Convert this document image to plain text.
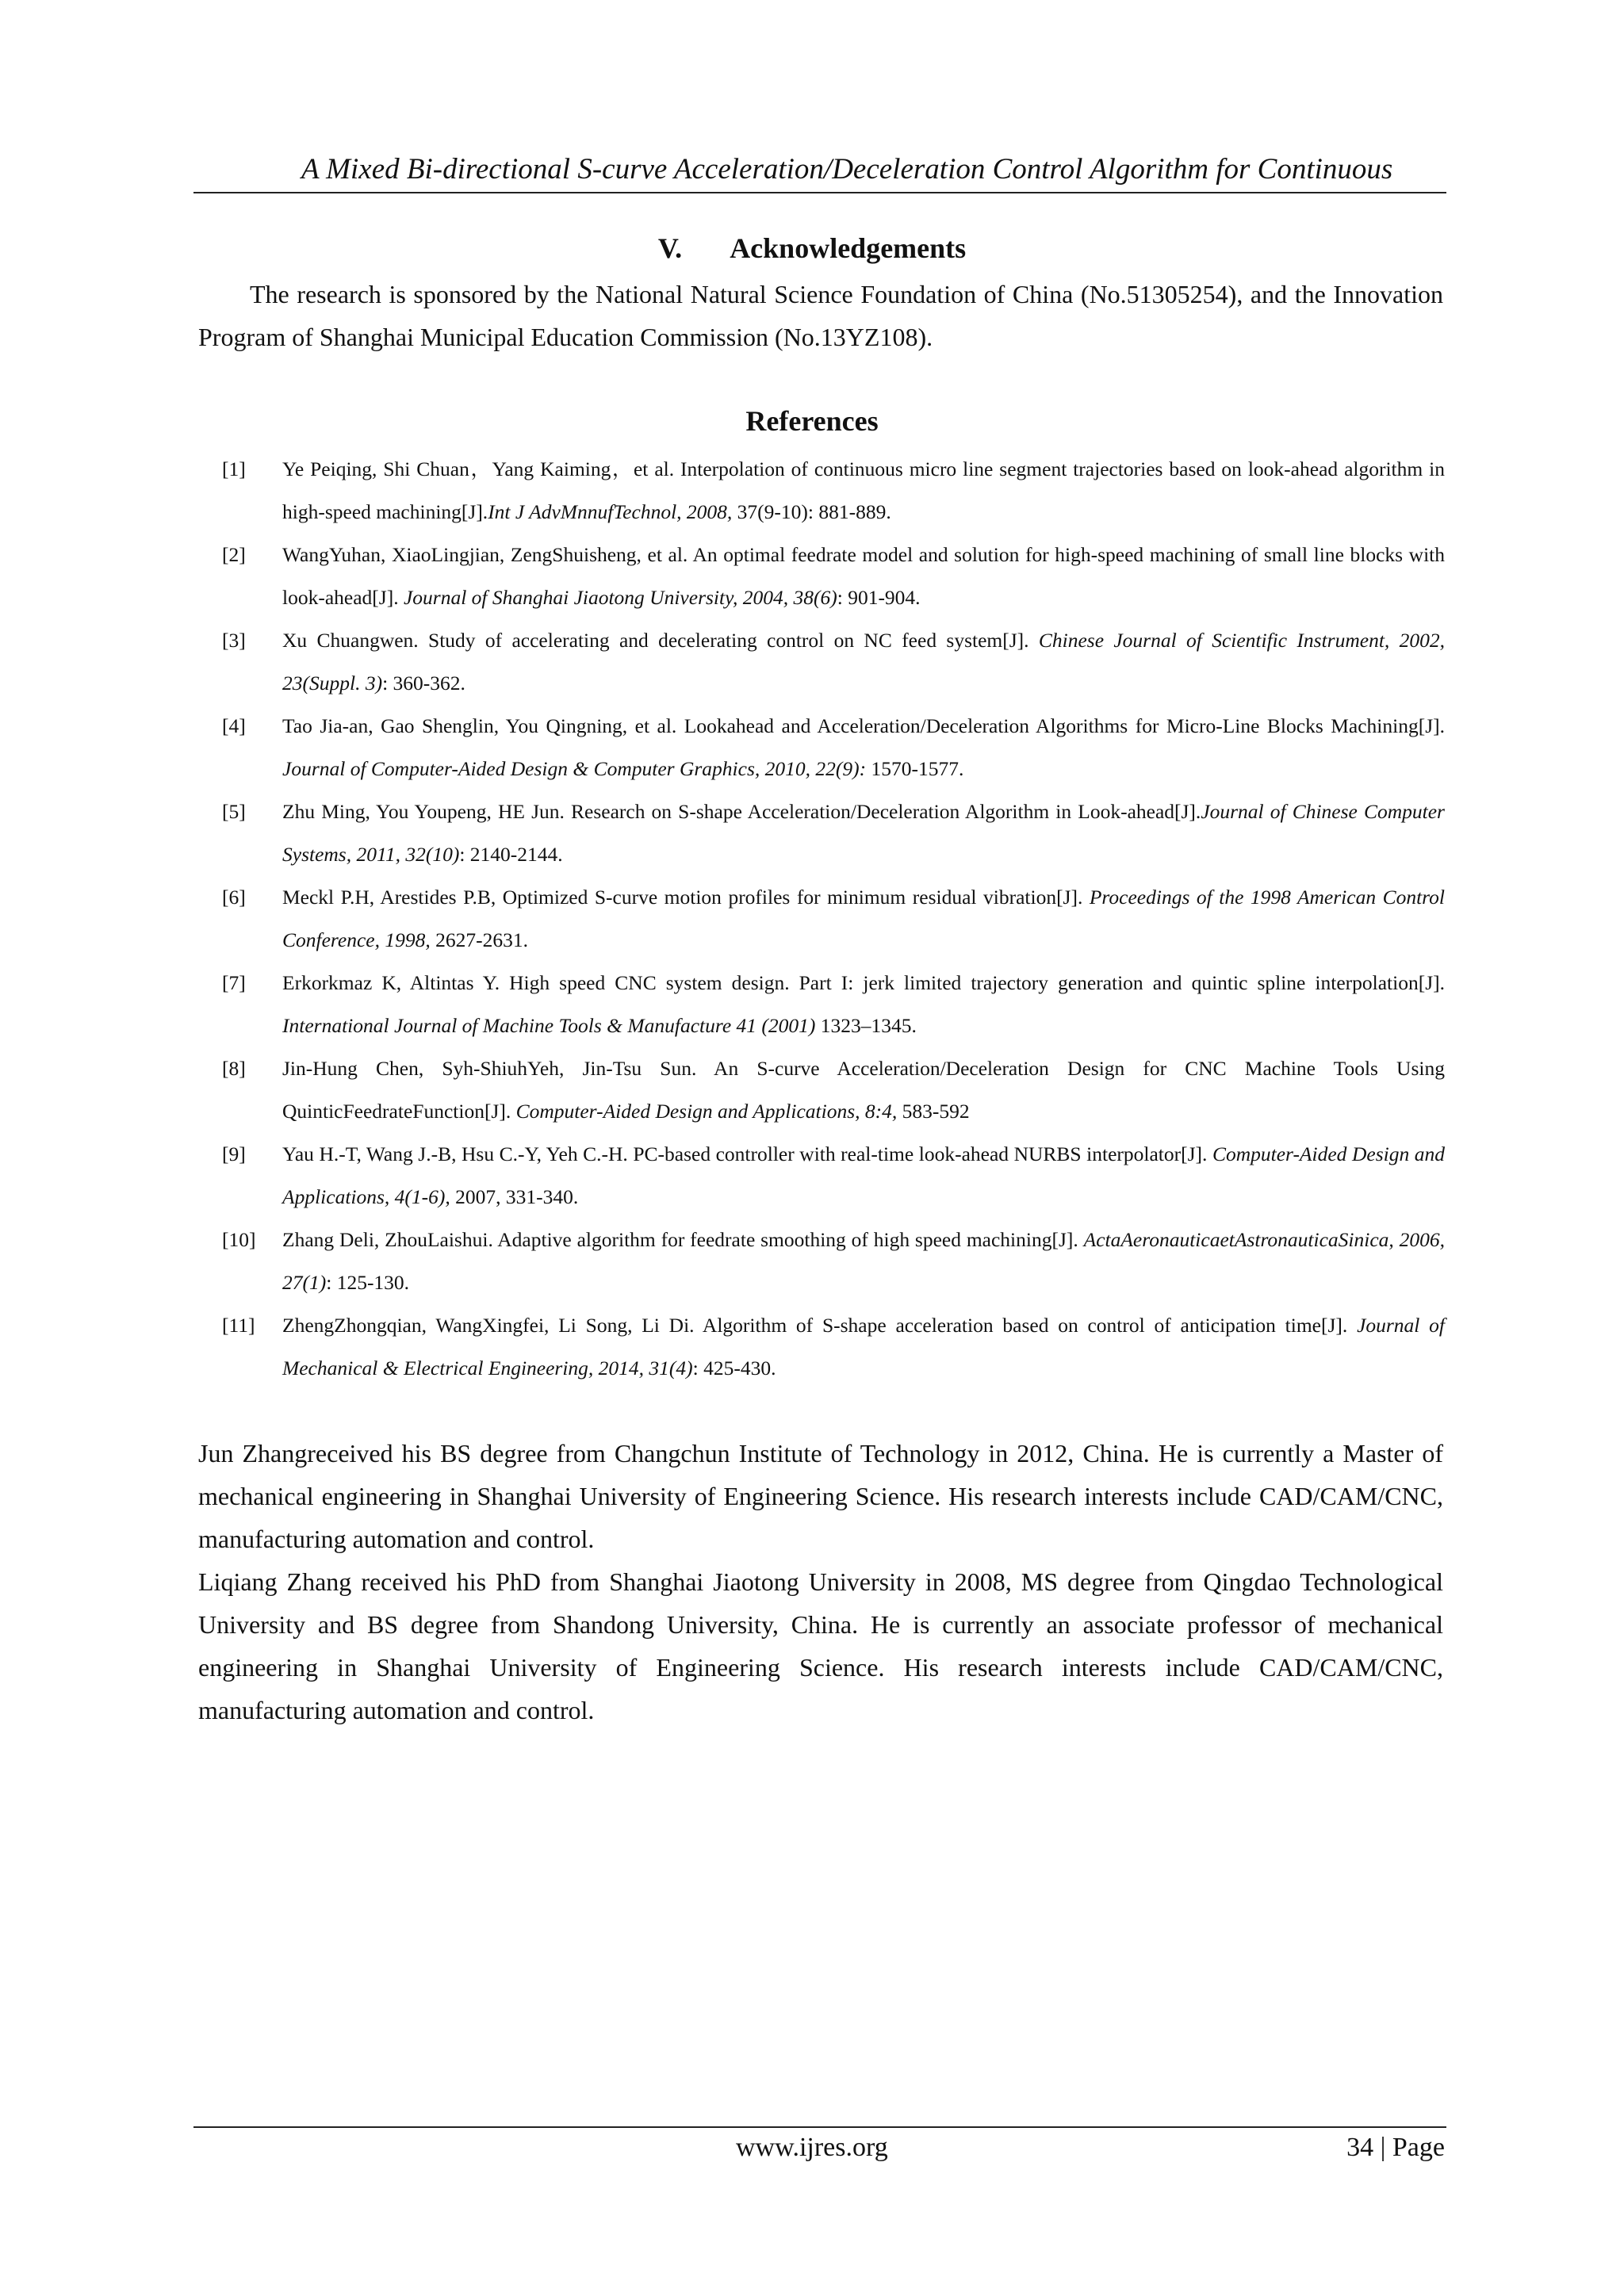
A Mixed Bi-directional S-curve Acceleration/Deceleration Control Algorithm for Continuous
V. Acknowledgements

The research is sponsored by the National Natural Science Foundation of China (No.51305254), and the Innovation Program of Shanghai Municipal Education Commission (No.13YZ108).

References
[1]	Ye Peiqing, Shi Chuan，Yang Kaiming，et al. Interpolation of continuous micro line segment trajectories based on look-ahead algorithm in high-speed machining[J].Int J AdvMnnufTechnol, 2008, 37(9-10): 881-889.
[2]	WangYuhan, XiaoLingjian, ZengShuisheng, et al. An optimal feedrate model and solution for high-speed machining of small line blocks with look-ahead[J]. Journal of Shanghai Jiaotong University, 2004, 38(6): 901-904.
[3]	Xu Chuangwen. Study of accelerating and decelerating control on NC feed system[J]. Chinese Journal of Scientific Instrument, 2002, 23(Suppl. 3): 360-362.
[4]	Tao Jia-an, Gao Shenglin, You Qingning, et al. Lookahead and Acceleration/Deceleration Algorithms for Micro-Line Blocks Machining[J]. Journal of Computer-Aided Design & Computer Graphics, 2010, 22(9): 1570-1577.
[5]	Zhu Ming, You Youpeng, HE Jun. Research on S-shape Acceleration/Deceleration Algorithm in Look-ahead[J].Journal of Chinese Computer Systems, 2011, 32(10): 2140-2144.
[6]	Meckl P.H, Arestides P.B, Optimized S-curve motion profiles for minimum residual vibration[J]. Proceedings of the 1998 American Control Conference, 1998, 2627-2631.
[7]	Erkorkmaz K, Altintas Y. High speed CNC system design. Part I: jerk limited trajectory generation and quintic spline interpolation[J]. International Journal of Machine Tools & Manufacture 41 (2001) 1323–1345.
[8]	Jin-Hung Chen, Syh-ShiuhYeh, Jin-Tsu Sun. An S-curve Acceleration/Deceleration Design for CNC Machine Tools Using QuinticFeedrateFunction[J]. Computer-Aided Design and Applications, 8:4, 583-592
[9]	Yau H.-T, Wang J.-B, Hsu C.-Y, Yeh C.-H. PC-based controller with real-time look-ahead NURBS interpolator[J]. Computer-Aided Design and Applications, 4(1-6), 2007, 331-340.
[10]	Zhang Deli, ZhouLaishui. Adaptive algorithm for feedrate smoothing of high speed machining[J]. ActaAeronauticaetAstronauticaSinica, 2006, 27(1): 125-130.
[11]	ZhengZhongqian, WangXingfei, Li Song, Li Di. Algorithm of S-shape acceleration based on control of anticipation time[J]. Journal of Mechanical & Electrical Engineering, 2014, 31(4): 425-430.

Jun Zhangreceived his BS degree from Changchun Institute of Technology in 2012, China. He is currently a Master of mechanical engineering in Shanghai University of Engineering Science. His research interests include CAD/CAM/CNC, manufacturing automation and control.

Liqiang Zhang received his PhD from Shanghai Jiaotong University in 2008, MS degree from Qingdao Technological University and BS degree from Shandong University, China. He is currently an associate professor of mechanical engineering in Shanghai University of Engineering Science. His research interests include CAD/CAM/CNC, manufacturing automation and control.

www.ijres.org	34 | Page
